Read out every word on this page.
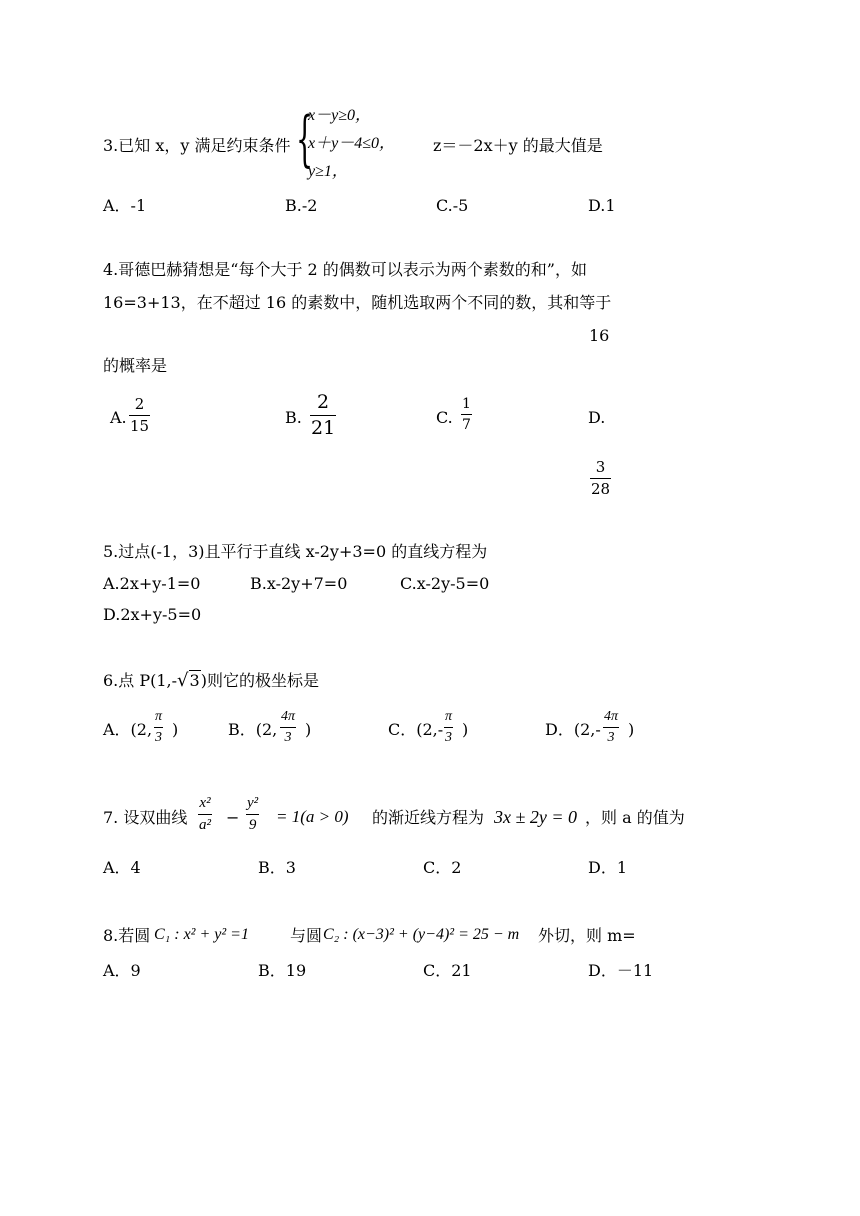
3.已知 x，y 满足约束条件 {
x－y≥0，
x＋y－4≤0，
y≥1，
z＝－2x＋y 的最大值是
A．-1	B.-2	C.-5	D.1
4.哥德巴赫猜想是“每个大于 2 的偶数可以表示为两个素数的和”，如
16=3+13，在不超过 16 的素数中，随机选取两个不同的数，其和等于
16
的概率是
A. $\frac{2}{15}$	B. $\frac{2}{21}$	C. $\frac{1}{7}$	D.
$\frac{3}{28}$
5.过点(-1，3)且平行于直线 x-2y+3=0 的直线方程为
A.2x+y-1=0	B.x-2y+7=0	C.x-2y-5=0
D.2x+y-5=0
6.点 P(1,-√3)则它的极坐标是
A．(2, $\frac{\pi}{3}$ )	B．(2, $\frac{4\pi}{3}$ )	C．($2,- \frac{\pi}{3}$ )	D．($2,- \frac{4\pi}{3}$ )
7. 设双曲线 $\frac{\text{x²}}{\text{a²}} - \frac{\text{y²}}{9} = 1(a > 0)$ 的渐近线方程为 3x ± 2y = 0 ，则 a 的值为
A．4	B．3	C．2	D．1
8.若圆 C₁ : x² + y² =1	与圆 C₂ : (x−3)² + (y−4)² = 25 − m 外切，则 m=
A．9	B．19	C．21	D．－11
